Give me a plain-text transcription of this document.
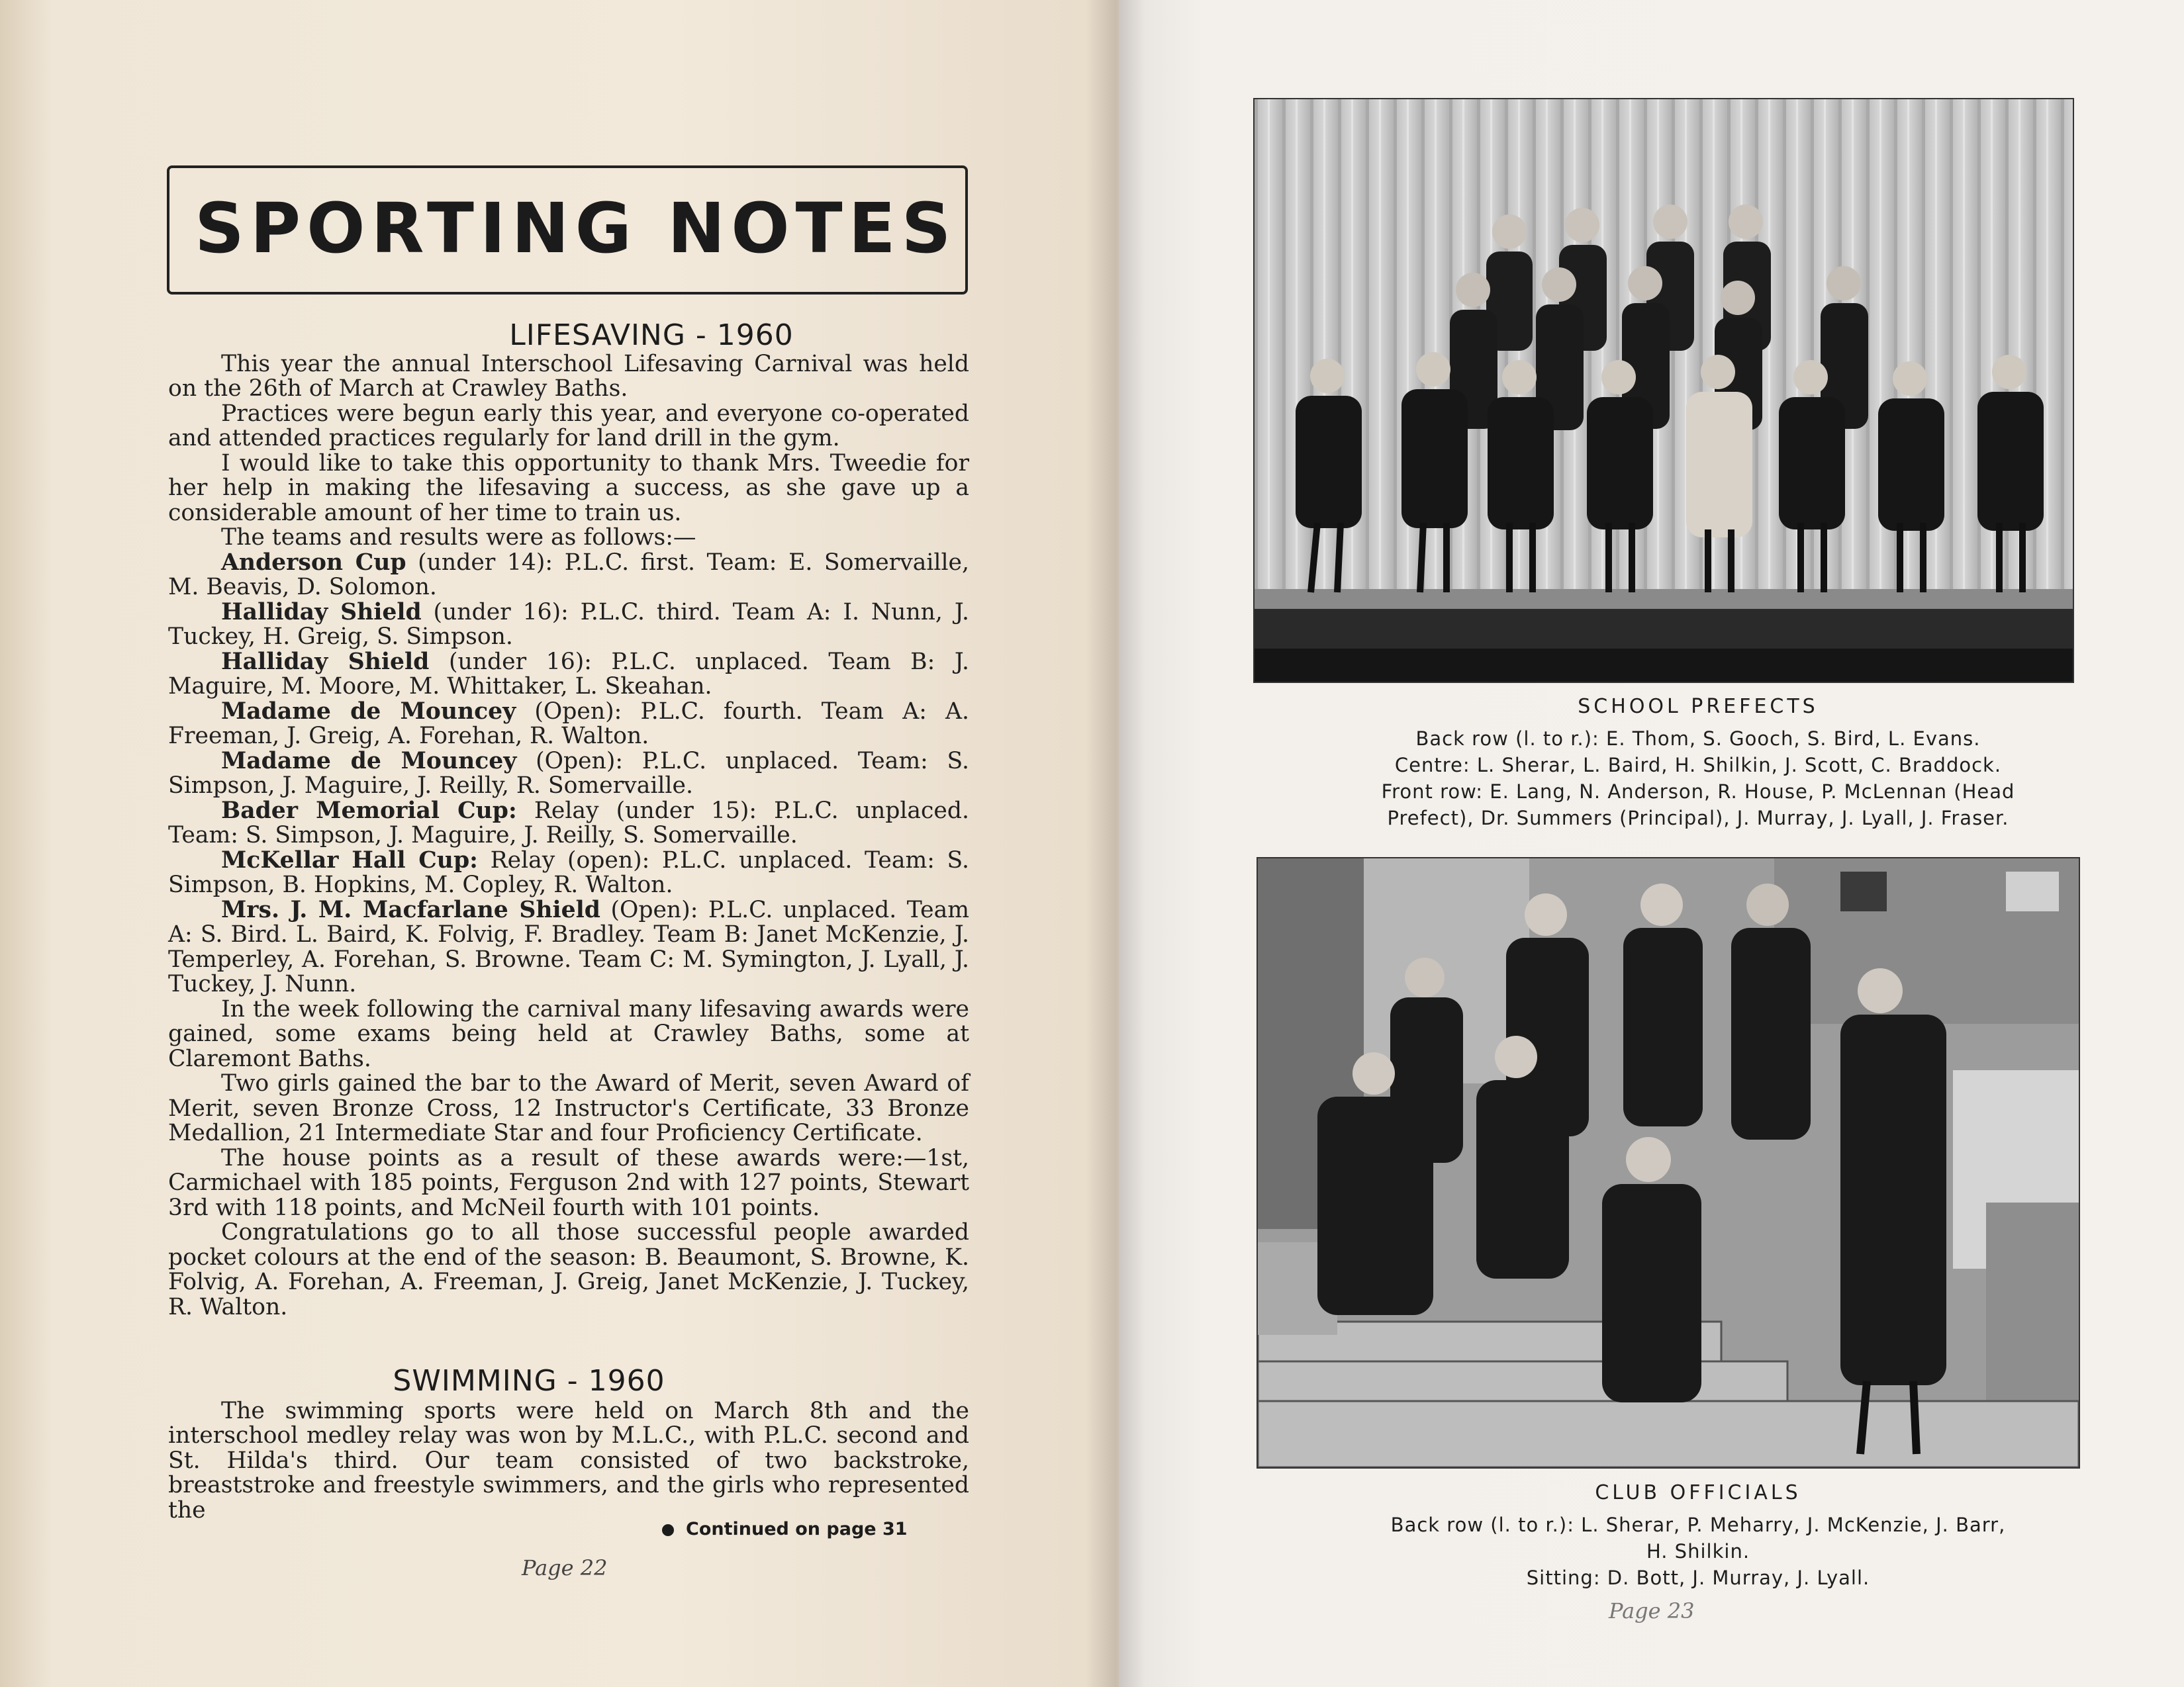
SPORTING NOTES
LIFESAVING - 1960

This year the annual Interschool Lifesaving Carnival was held on the 26th of March at Crawley Baths.

Practices were begun early this year, and everyone co-operated and attended practices regularly for land drill in the gym.

I would like to take this opportunity to thank Mrs. Tweedie for her help in making the lifesaving a success, as she gave up a considerable amount of her time to train us.

The teams and results were as follows:—

Anderson Cup (under 14): P.L.C. first. Team: E. Somervaille, M. Beavis, D. Solomon.

Halliday Shield (under 16): P.L.C. third. Team A: I. Nunn, J. Tuckey, H. Greig, S. Simpson.

Halliday Shield (under 16): P.L.C. unplaced. Team B: J. Maguire, M. Moore, M. Whittaker, L. Skeahan.

Madame de Mouncey (Open): P.L.C. fourth. Team A: A. Freeman, J. Greig, A. Forehan, R. Walton.

Madame de Mouncey (Open): P.L.C. unplaced. Team: S. Simpson, J. Maguire, J. Reilly, R. Somervaille.

Bader Memorial Cup: Relay (under 15): P.L.C. unplaced. Team: S. Simpson, J. Maguire, J. Reilly, S. Somervaille.

McKellar Hall Cup: Relay (open): P.L.C. unplaced. Team: S. Simpson, B. Hopkins, M. Copley, R. Walton.

Mrs. J. M. Macfarlane Shield (Open): P.L.C. unplaced. Team A: S. Bird. L. Baird, K. Folvig, F. Bradley. Team B: Janet McKenzie, J. Temperley, A. Forehan, S. Browne. Team C: M. Symington, J. Lyall, J. Tuckey, J. Nunn.

In the week following the carnival many lifesaving awards were gained, some exams being held at Crawley Baths, some at Claremont Baths.

Two girls gained the bar to the Award of Merit, seven Award of Merit, seven Bronze Cross, 12 Instructor's Certificate, 33 Bronze Medallion, 21 Intermediate Star and four Proficiency Certificate.

The house points as a result of these awards were:—1st, Carmichael with 185 points, Ferguson 2nd with 127 points, Stewart 3rd with 118 points, and McNeil fourth with 101 points.

Congratulations go to all those successful people awarded pocket colours at the end of the season: B. Beaumont, S. Browne, K. Folvig, A. Forehan, A. Freeman, J. Greig, Janet McKenzie, J. Tuckey, R. Walton.

SWIMMING - 1960

The swimming sports were held on March 8th and the interschool medley relay was won by M.L.C., with P.L.C. second and St. Hilda's third. Our team consisted of two backstroke, breaststroke and freestyle swimmers, and the girls who represented the

Continued on page 31
Page 22
SCHOOL PREFECTS
Back row (l. to r.): E. Thom, S. Gooch, S. Bird, L. Evans.
Centre: L. Sherar, L. Baird, H. Shilkin, J. Scott, C. Braddock.
Front row: E. Lang, N. Anderson, R. House, P. McLennan (Head
Prefect), Dr. Summers (Principal), J. Murray, J. Lyall, J. Fraser.
CLUB OFFICIALS
Back row (l. to r.): L. Sherar, P. Meharry, J. McKenzie, J. Barr,
H. Shilkin.
Sitting: D. Bott, J. Murray, J. Lyall.
Page 23
